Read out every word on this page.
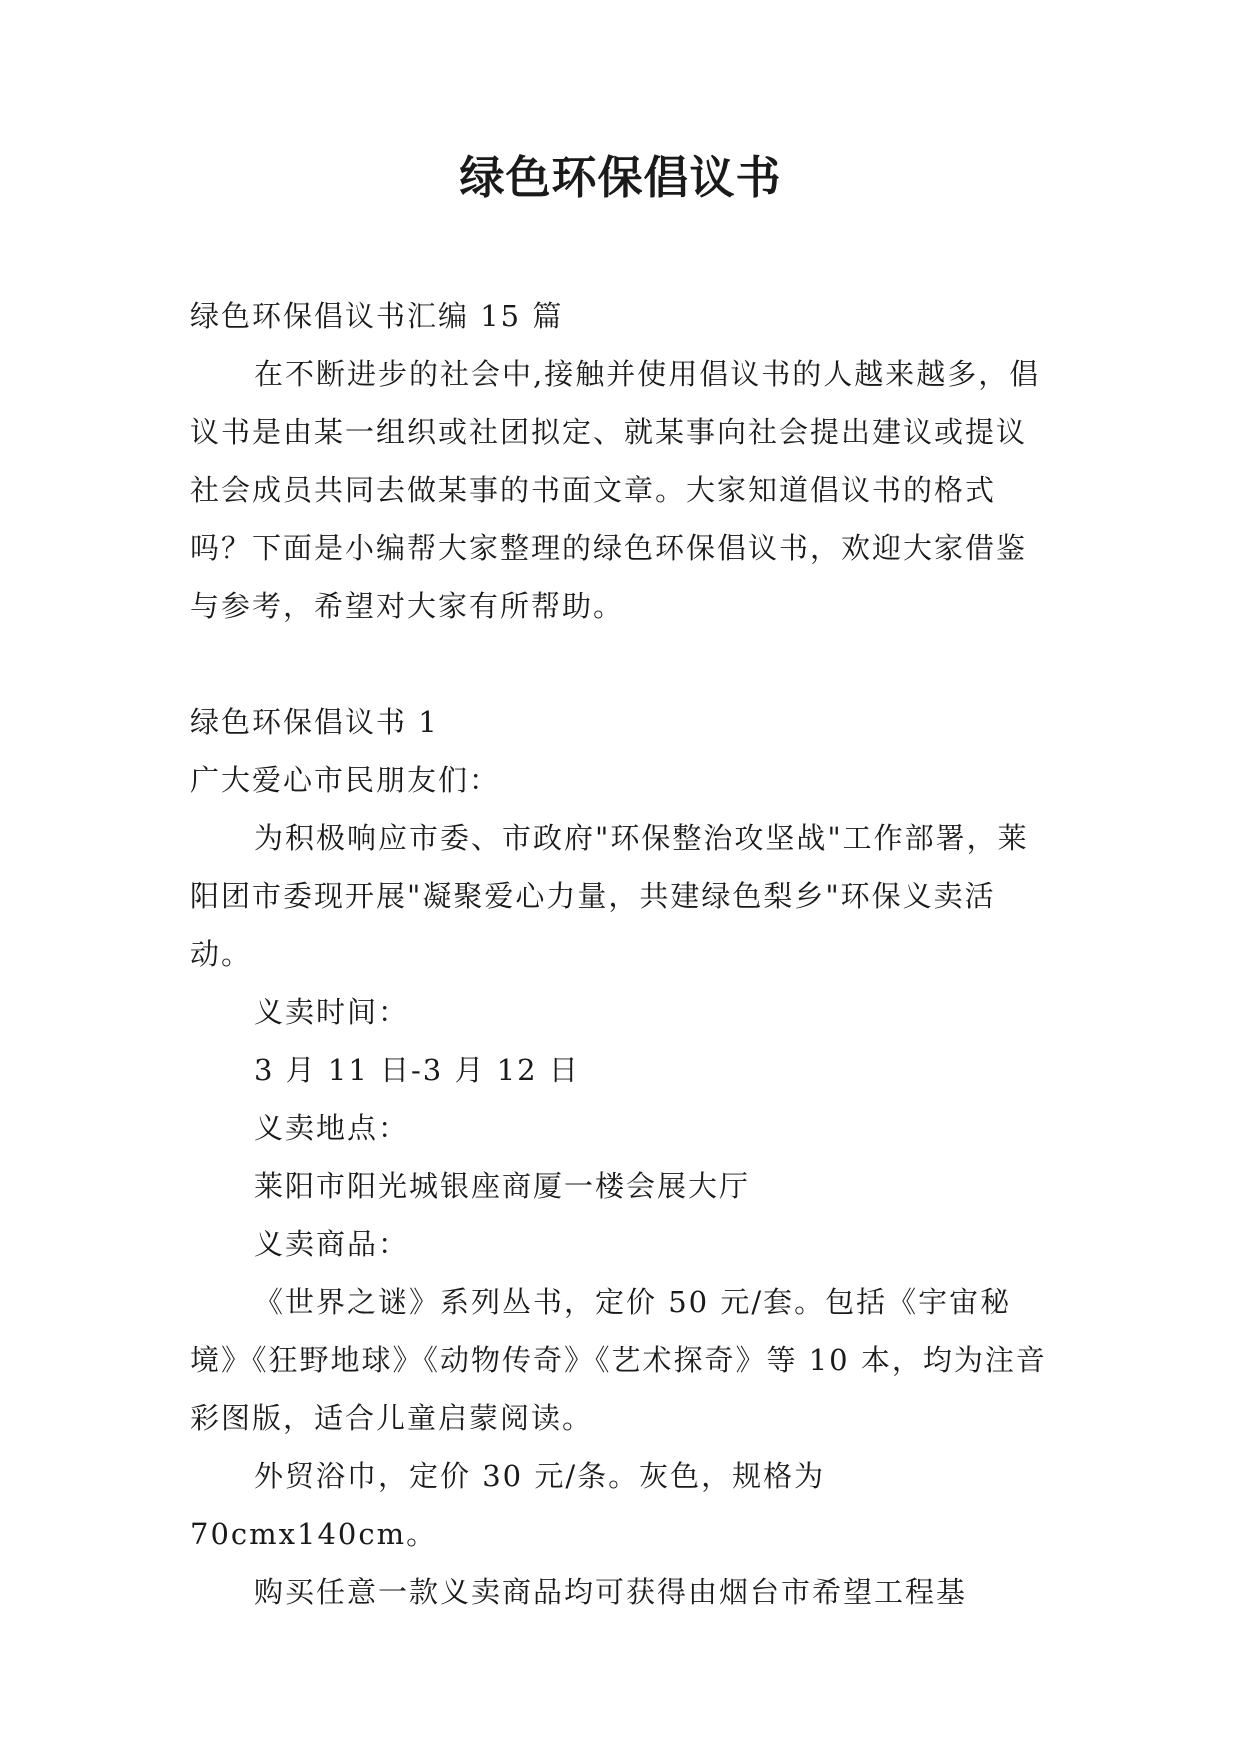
绿色环保倡议书

绿色环保倡议书汇编 15 篇

在不断进步的社会中,接触并使用倡议书的人越来越多，倡议书是由某一组织或社团拟定、就某事向社会提出建议或提议社会成员共同去做某事的书面文章。大家知道倡议书的格式吗？下面是小编帮大家整理的绿色环保倡议书，欢迎大家借鉴与参考，希望对大家有所帮助。

绿色环保倡议书 1

广大爱心市民朋友们：

为积极响应市委、市政府"环保整治攻坚战"工作部署，莱阳团市委现开展"凝聚爱心力量，共建绿色梨乡"环保义卖活动。

义卖时间：

3 月 11 日-3 月 12 日

义卖地点：

莱阳市阳光城银座商厦一楼会展大厅

义卖商品：

《世界之谜》系列丛书，定价 50 元/套。包括《宇宙秘境》《狂野地球》《动物传奇》《艺术探奇》等 10 本，均为注音彩图版，适合儿童启蒙阅读。

外贸浴巾，定价 30 元/条。灰色，规格为 70cmx140cm。

购买任意一款义卖商品均可获得由烟台市希望工程基
